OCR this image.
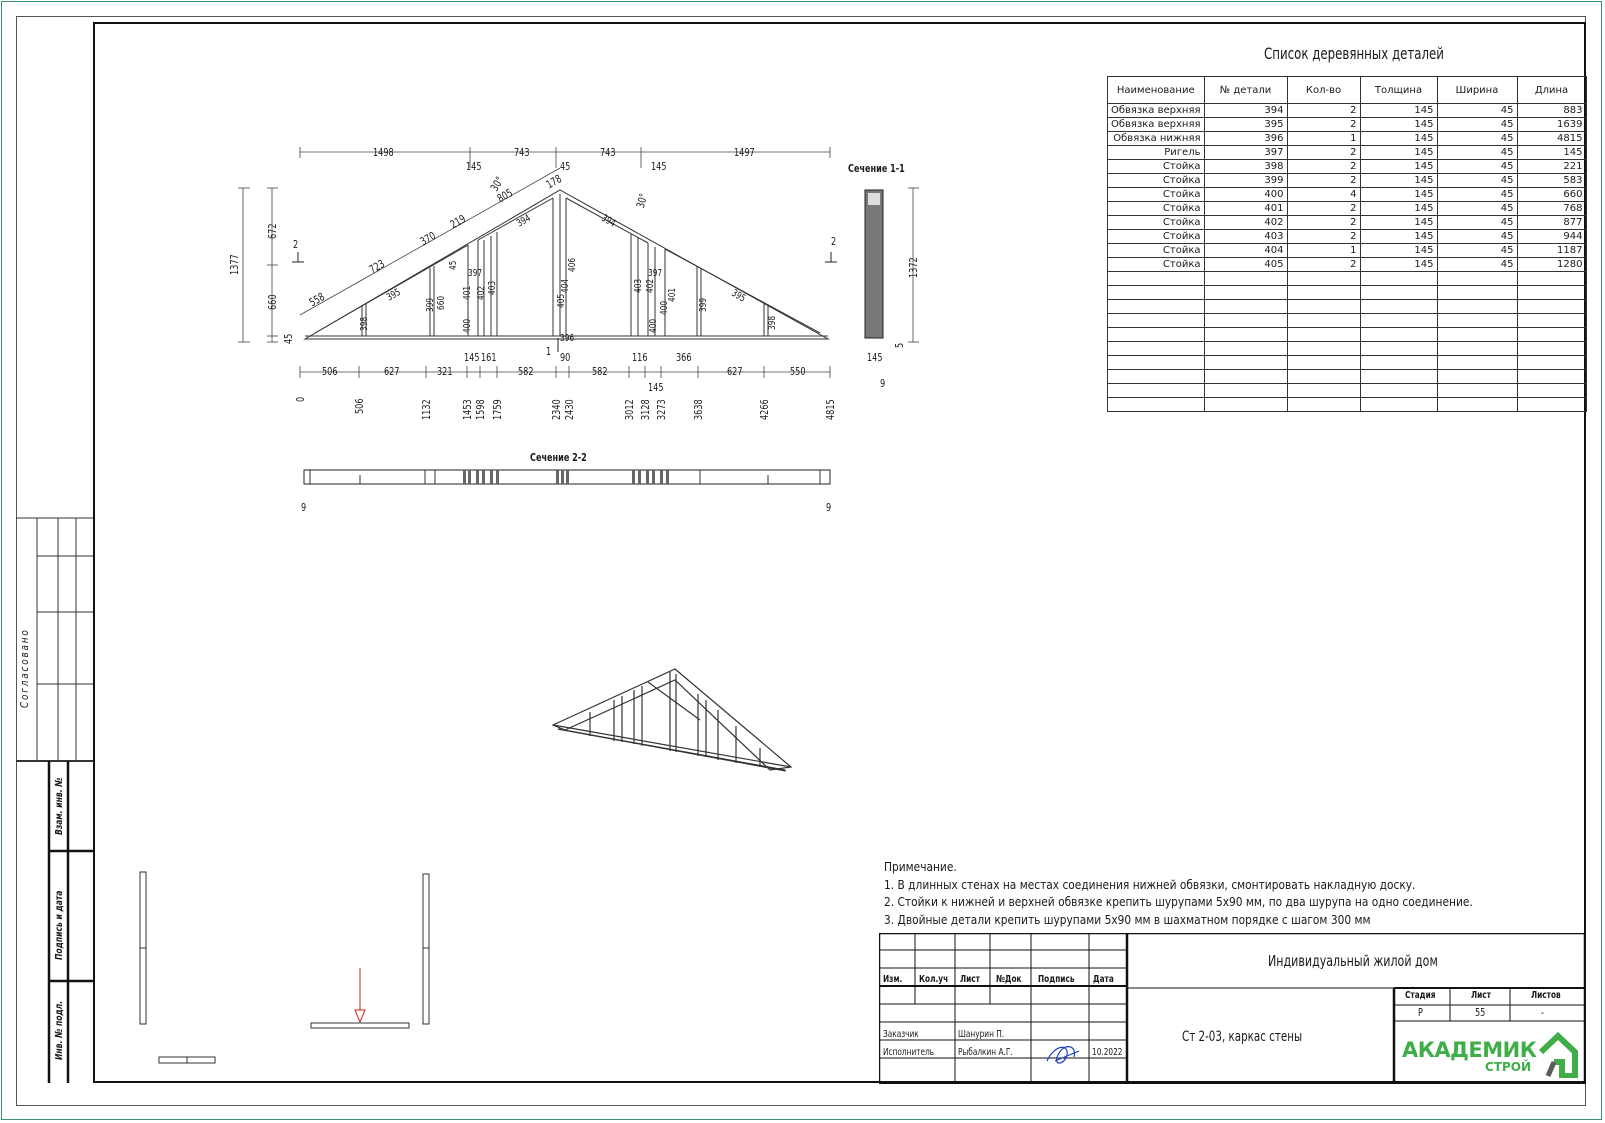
Согласовано
Взам. инв. №
Подпись и дата
Инв. № подл.
Список деревянных деталей
Наименование	№ детали	Кол-во	Толщина	Ширина	Длина
Обвязка верхняя	394	2	145	45	883
Обвязка верхняя	395	2	145	45	1639
Обвязка нижняя	396	1	145	45	4815
Ригель	397	2	145	45	145
Стойка	398	2	145	45	221
Стойка	399	2	145	45	583
Стойка	400	4	145	45	660
Стойка	401	2	145	45	768
Стойка	402	2	145	45	877
Стойка	403	2	145	45	944
Стойка	404	1	145	45	1187
Стойка	405	2	145	45	1280

Сечение 1-1
Сечение 2-2
2	2
1
9	9
9
1498	743	743	1497
145	45	145
1377
672
660
45
1372
5
145
506	627	321
145 161
582
90
582
116	366
145
627	550
0	506	1132	1453 1598 1759	2340 2430	3012 3128 3273 3638	4266	4815
558
723
370
219
805
178
30°
30°
398
395
399 660
401
400
402 403
397
394
405
404
406
396
45
394
403 402
397
400
400
401
399
395
398
Примечание.
1. В длинных стенах на местах соединения нижней обвязки, смонтировать накладную доску.
2. Стойки к нижней и верхней обвязке крепить шурупами 5х90 мм, по два шурупа на одно соединение.
3. Двойные детали крепить шурупами 5х90 мм в шахматном порядке с шагом 300 мм
Изм. Кол.уч Лист №Док Подпись Дата
Заказчик	Шанурин П.
Исполнитель Рыбалкин А.Г.	10.2022
Индивидуальный жилой дом
Ст 2-03, каркас стены
Стадия	Лист	Листов
Р	55	-
АКАДЕМИК
СТРОЙ
